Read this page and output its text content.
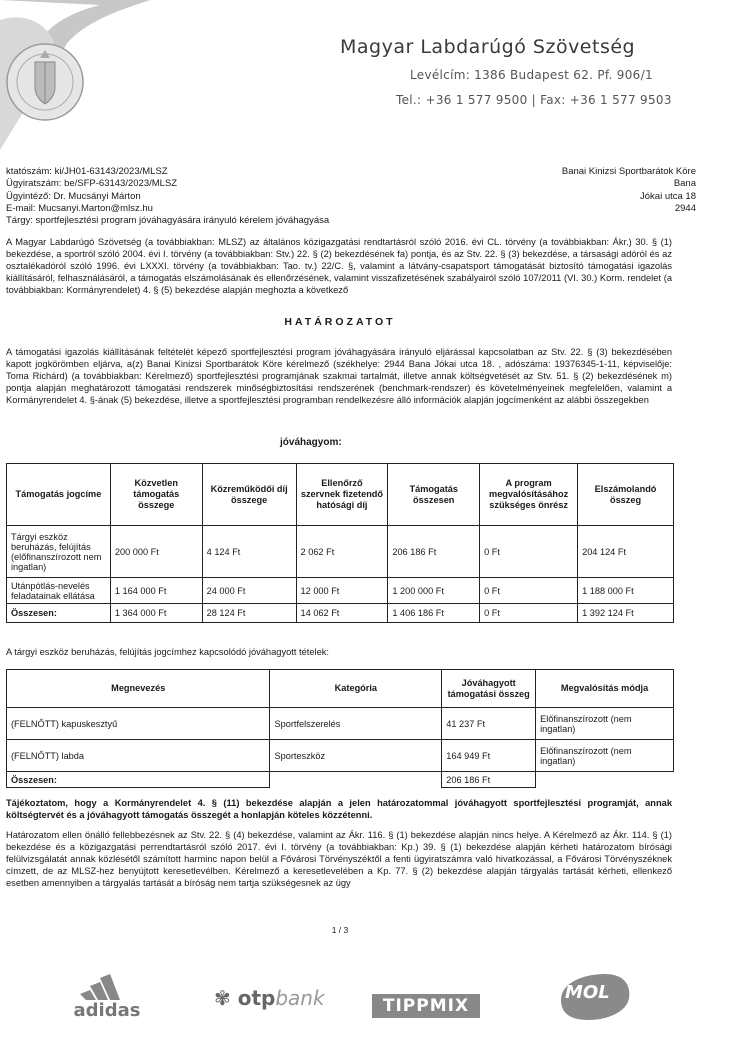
Magyar Labdarúgó Szövetség
Levélcím: 1386 Budapest 62. Pf. 906/1
Tel.: +36 1 577 9500 | Fax: +36 1 577 9503
ktatószám: ki/JH01-63143/2023/MLSZ
Ügyiratszám: be/SFP-63143/2023/MLSZ
Ügyintéző: Dr. Mucsányi Márton
E-mail: Mucsanyi.Marton@mlsz.hu
Tárgy: sportfejlesztési program jóváhagyására irányuló kérelem jóváhagyása
Banai Kinizsi Sportbarátok Köre
Bana
Jókai utca 18
2944

A Magyar Labdarúgó Szövetség (a továbbiakban: MLSZ) az általános közigazgatási rendtartásról szóló 2016. évi CL. törvény (a továbbiakban: Ákr.) 30. § (1) bekezdése, a sportról szóló 2004. évi I. törvény (a továbbiakban: Stv.) 22. § (2) bekezdésének fa) pontja, és az Stv. 22. § (3) bekezdése, a társasági adóról és az osztalékadóról szóló 1996. évi LXXXI. törvény (a továbbiakban: Tao. tv.) 22/C. §, valamint a látvány-csapatsport támogatását biztosító támogatási igazolás kiállításáról, felhasználásáról, a támogatás elszámolásának és ellenőrzésének, valamint visszafizetésének szabályairól szóló 107/2011 (VI. 30.) Korm. rendelet (a továbbiakban: Kormányrendelet) 4. § (5) bekezdése alapján meghozta a következő

HATÁROZATOT

A támogatási igazolás kiállításának feltételét képező sportfejlesztési program jóváhagyására irányuló eljárással kapcsolatban az Stv. 22. § (3) bekezdésében kapott jogkörömben eljárva, a(z) Banai Kinizsi Sportbarátok Köre kérelmező (székhelye: 2944 Bana Jókai utca 18. , adószáma: 19376345-1-11, képviselője: Toma Richárd) (a továbbiakban: Kérelmező) sportfejlesztési programjának szakmai tartalmát, illetve annak költségvetését az Stv. 51. § (2) bekezdésének m) pontja alapján meghatározott támogatási rendszerek minőségbiztosítási rendszerének (benchmark-rendszer) és követelményeinek megfelelően, valamint a Kormányrendelet 4. §-ának (5) bekezdése, illetve a sportfejlesztési programban rendelkezésre álló információk alapján jogcímenként az alábbi összegekben

jóváhagyom:
Támogatás jogcíme	Közvetlen támogatás összege	Közreműködői díj összege	Ellenőrző szervnek fizetendő hatósági díj	Támogatás összesen	A program megvalósításához szükséges önrész	Elszámolandó összeg
Tárgyi eszköz beruházás, felújítás (előfinanszírozott nem ingatlan)	200 000 Ft	4 124 Ft	2 062 Ft	206 186 Ft	0 Ft	204 124 Ft
Utánpótlás-nevelés feladatainak ellátása	1 164 000 Ft	24 000 Ft	12 000 Ft	1 200 000 Ft	0 Ft	1 188 000 Ft
Összesen:	1 364 000 Ft	28 124 Ft	14 062 Ft	1 406 186 Ft	0 Ft	1 392 124 Ft

A tárgyi eszköz beruházás, felújítás jogcímhez kapcsolódó jóváhagyott tételek:

Megnevezés	Kategória	Jóváhagyott támogatási összeg	Megvalósítás módja
(FELNŐTT) kapuskesztyű	Sportfelszerelés	41 237 Ft	Előfinanszírozott (nem ingatlan)
(FELNŐTT) labda	Sporteszköz	164 949 Ft	Előfinanszírozott (nem ingatlan)
Összesen:		206 186 Ft	

Tájékoztatom, hogy a Kormányrendelet 4. § (11) bekezdése alapján a jelen határozatommal jóváhagyott sportfejlesztési programját, annak költségtervét és a jóváhagyott támogatás összegét a honlapján köteles közzétenni.

Határozatom ellen önálló fellebbezésnek az Stv. 22. § (4) bekezdése, valamint az Ákr. 116. § (1) bekezdése alapján nincs helye. A Kérelmező az Ákr. 114. § (1) bekezdése és a közigazgatási perrendtartásról szóló 2017. évi I. törvény (a továbbiakban: Kp.) 39. § (1) bekezdése alapján kérheti határozatom bírósági felülvizsgálatát annak közlésétől számított harminc napon belül a Fővárosi Törvényszéktől a fenti ügyiratszámra való hivatkozással, a Fővárosi Törvényszéknek címzett, de az MLSZ-hez benyújtott keresetlevélben. Kérelmező a keresetlevelében a Kp. 77. § (2) bekezdése alapján tárgyalás tartását kérheti, ellenkező esetben amennyiben a tárgyalás tartását a bíróság nem tartja szükségesnek az ügy

1 / 3
adidas
✾ otpbank	TIPPMIX
MOL
